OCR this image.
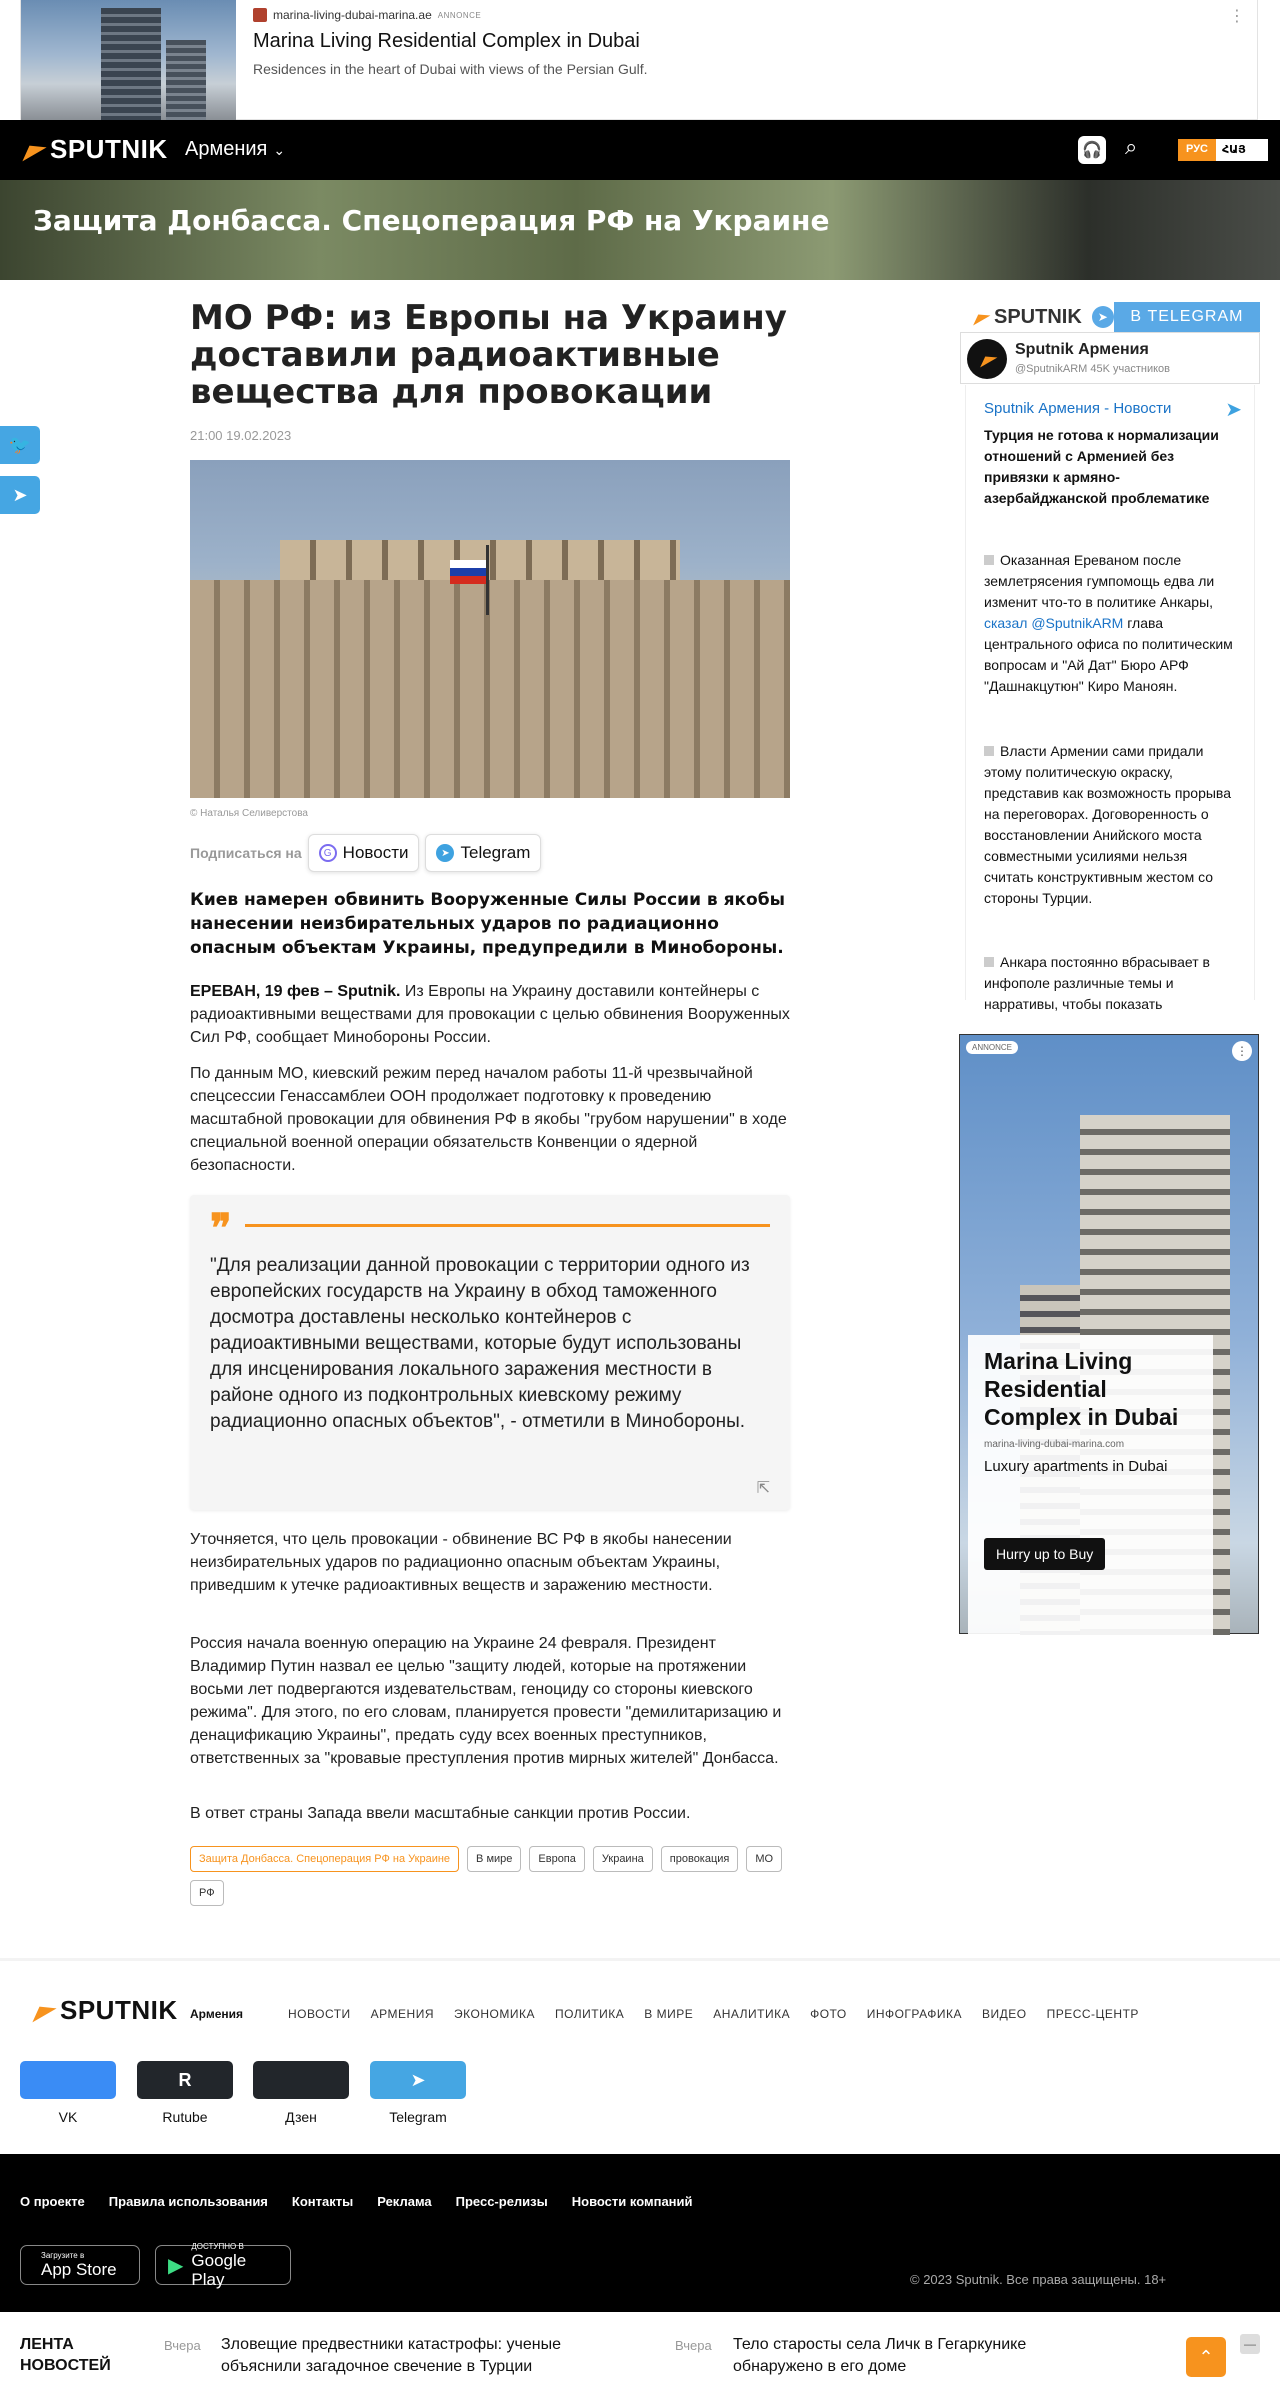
marina-living-dubai-marina.ae ANNONCE
Marina Living Residential Complex in Dubai
Residences in the heart of Dubai with views of the Persian Gulf.
⋮
SPUTNIK Армения ⌄	🎧 ⌕	РУС	ՀԱՅ
Защита Донбасса. Спецоперация РФ на Украине
🐦
➤
МО РФ: из Европы на Украину доставили радиоактивные вещества для провокации
21:00 19.02.2023
© Наталья Селиверстова
Подписаться на	G Новости	➤ Telegram
Киев намерен обвинить Вооруженные Силы России в якобы нанесении неизбирательных ударов по радиационно опасным объектам Украины, предупредили в Минобороны.

ЕРЕВАН, 19 фев – Sputnik. Из Европы на Украину доставили контейнеры с радиоактивными веществами для провокации с целью обвинения Вооруженных Сил РФ, сообщает Минобороны России.

По данным МО, киевский режим перед началом работы 11-й чрезвычайной спецсессии Генассамблеи ООН продолжает подготовку к проведению масштабной провокации для обвинения РФ в якобы "грубом нарушении" в ходе специальной военной операции обязательств Конвенции о ядерной безопасности.

❞
"Для реализации данной провокации с территории одного из европейских государств на Украину в обход таможенного досмотра доставлены несколько контейнеров с радиоактивными веществами, которые будут использованы для инсценирования локального заражения местности в районе одного из подконтрольных киевскому режиму радиационно опасных объектов", - отметили в Минобороны.
⇱

Уточняется, что цель провокации - обвинение ВС РФ в якобы нанесении неизбирательных ударов по радиационно опасным объектам Украины, приведшим к утечке радиоактивных веществ и заражению местности.

Россия начала военную операцию на Украине 24 февраля. Президент Владимир Путин назвал ее целью "защиту людей, которые на протяжении восьми лет подвергаются издевательствам, геноциду со стороны киевского режима". Для этого, по его словам, планируется провести "демилитаризацию и денацификацию Украины", предать суду всех военных преступников, ответственных за "кровавые преступления против мирных жителей" Донбасса.

В ответ страны Запада ввели масштабные санкции против России.

Защита Донбасса. Спецоперация РФ на Украине	В мире	Европа	Украина	провокация	МО
РФ
SPUTNIK	➤	В TELEGRAM
Sputnik Армения
@SputnikARM 45K участников
Sputnik Армения - Новости	➤
Турция не готова к нормализации отношений с Арменией без привязки к армяно-азербайджанской проблематике
Оказанная Ереваном после землетрясения гумпомощь едва ли изменит что-то в политике Анкары, сказал @SputnikARM глава центрального офиса по политическим вопросам и "Ай Дат" Бюро АРФ "Дашнакцутюн" Киро Маноян.
Власти Армении сами придали этому политическую окраску, представив как возможность прорыва на переговорах. Договоренность о восстановлении Анийского моста совместными усилиями нельзя считать конструктивным жестом со стороны Турции.
Анкара постоянно вбрасывает в инфополе различные темы и нарративы, чтобы показать
ANNONCE	⋮
Marina Living Residential Complex in Dubai
marina-living-dubai-marina.com
Luxury apartments in Dubai
Hurry up to Buy
SPUTNIK Армения	НОВОСТИ АРМЕНИЯ ЭКОНОМИКА ПОЛИТИКА В МИРЕ АНАЛИТИКА ФОТО ИНФОГРАФИКА ВИДЕО ПРЕСС-ЦЕНТР
R	➤
VK	Rutube	Дзен	Telegram
О проекте Правила использования Контакты Реклама Пресс-релизы Новости компаний
Загрузите в
App Store	▶
ДОСТУПНО В
Google Play	© 2023 Sputnik. Все права защищены. 18+
ЛЕНТА НОВОСТЕЙ
Вчера Зловещие предвестники катастрофы: ученые объяснили загадочное свечение в Турции
Вчера Тело старосты села Личк в Гегаркунике обнаружено в его доме	⌃
—
